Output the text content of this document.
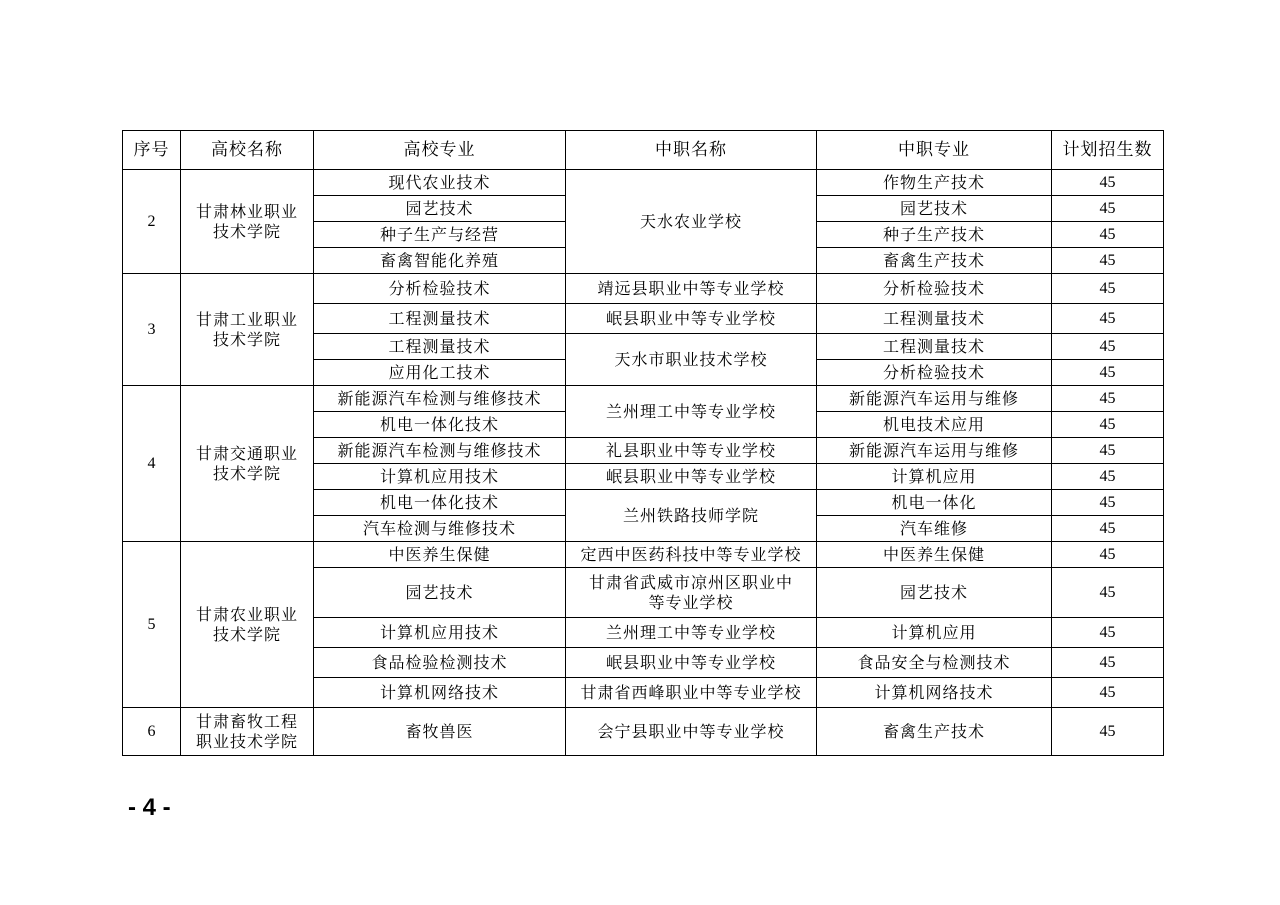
序号	高校名称	高校专业	中职名称	中职专业	计划招生数
2	甘肃林业职业技术学院	现代农业技术	天水农业学校	作物生产技术	45
		园艺技术		园艺技术	45
		种子生产与经营		种子生产技术	45
		畜禽智能化养殖		畜禽生产技术	45
3	甘肃工业职业技术学院	分析检验技术	靖远县职业中等专业学校	分析检验技术	45
		工程测量技术	岷县职业中等专业学校	工程测量技术	45
		工程测量技术	天水市职业技术学校	工程测量技术	45
		应用化工技术		分析检验技术	45
4	甘肃交通职业技术学院	新能源汽车检测与维修技术	兰州理工中等专业学校	新能源汽车运用与维修	45
		机电一体化技术		机电技术应用	45
		新能源汽车检测与维修技术	礼县职业中等专业学校	新能源汽车运用与维修	45
		计算机应用技术	岷县职业中等专业学校	计算机应用	45
		机电一体化技术	兰州铁路技师学院	机电一体化	45
		汽车检测与维修技术		汽车维修	45
5	甘肃农业职业技术学院	中医养生保健	定西中医药科技中等专业学校	中医养生保健	45
		园艺技术	甘肃省武威市凉州区职业中等专业学校	园艺技术	45
		计算机应用技术	兰州理工中等专业学校	计算机应用	45
		食品检验检测技术	岷县职业中等专业学校	食品安全与检测技术	45
		计算机网络技术	甘肃省西峰职业中等专业学校	计算机网络技术	45
6	甘肃畜牧工程职业技术学院	畜牧兽医	会宁县职业中等专业学校	畜禽生产技术	45
- 4 -
